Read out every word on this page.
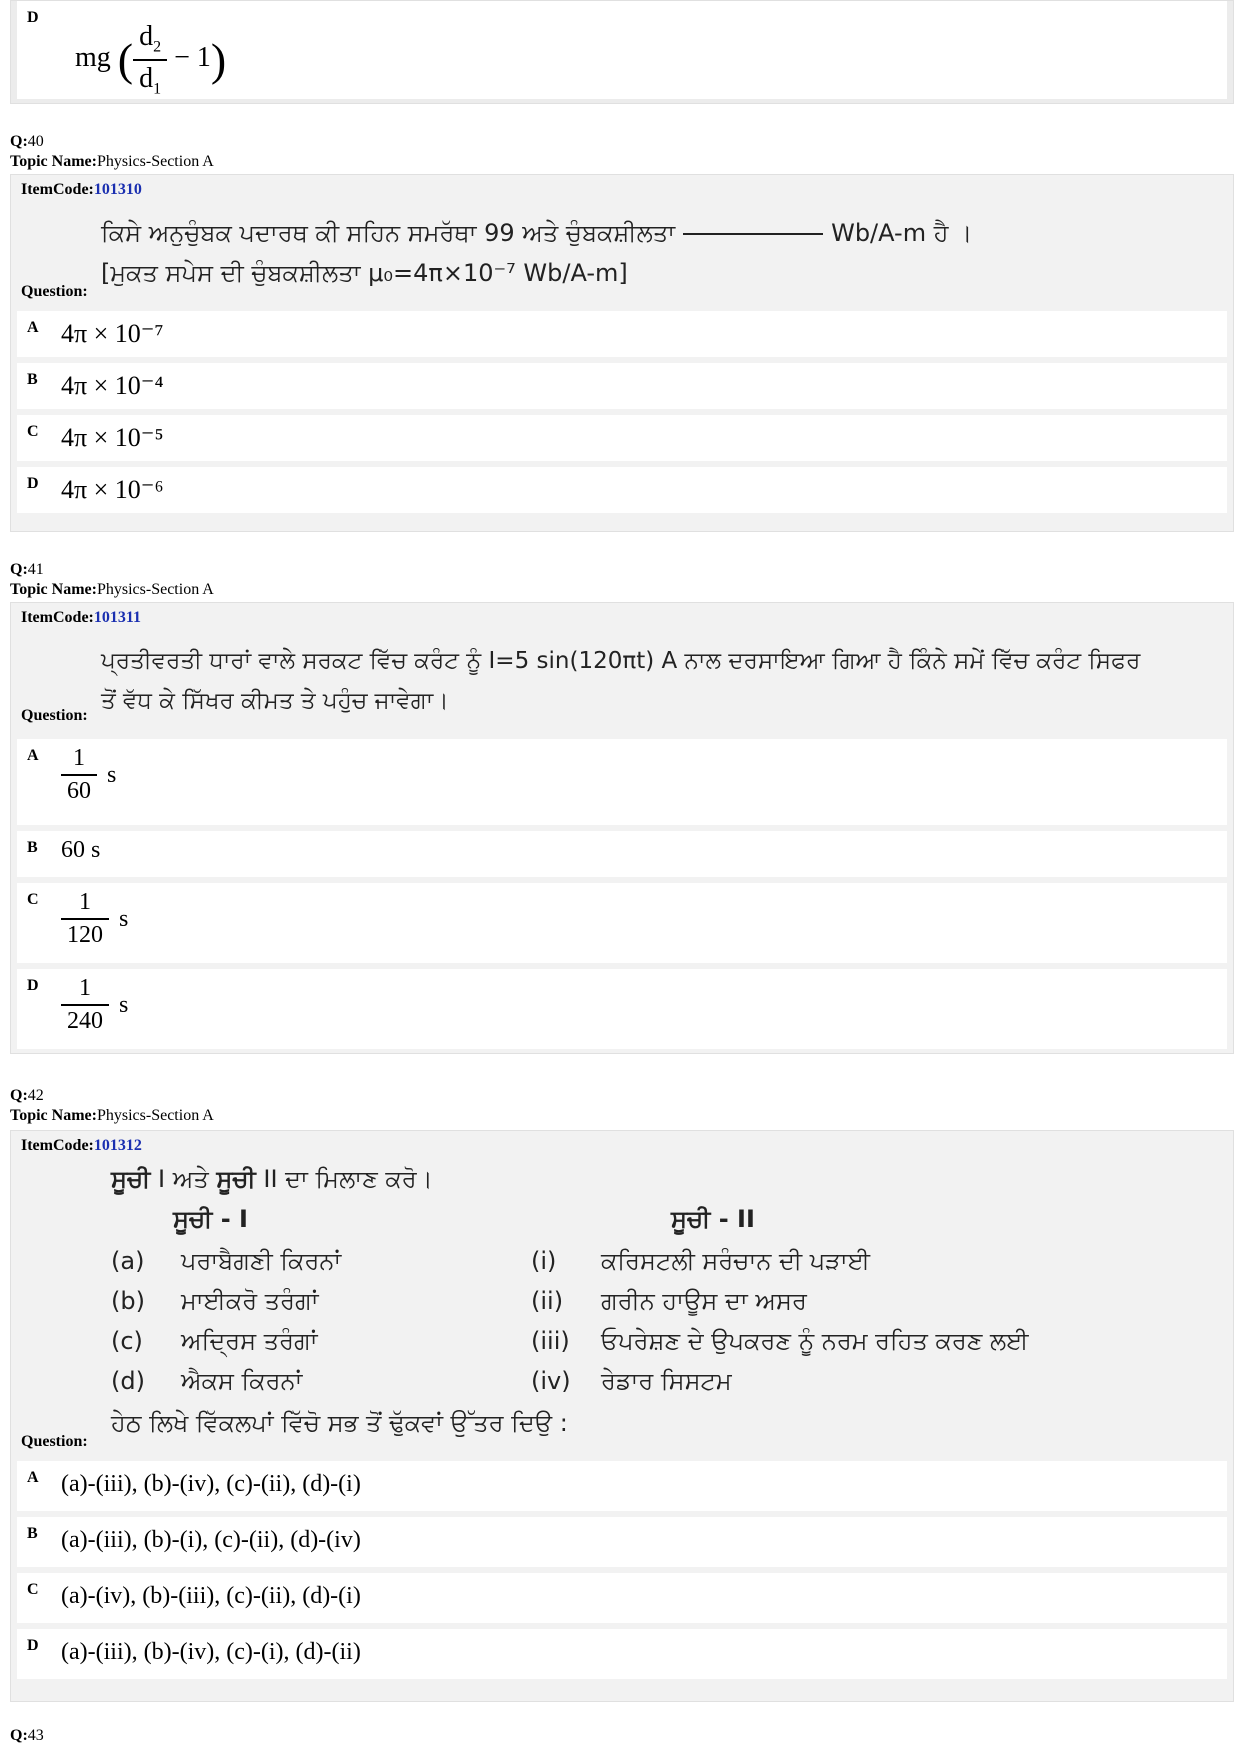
D
mg ( $\frac{d_2}{d_1} - 1$)
Q:40
Topic Name:Physics-Section A
ItemCode:101310
ਕਿਸੇ ਅਨੁਚੁੰਬਕ ਪਦਾਰਥ ਕੀ ਸਹਿਨ ਸਮਰੱਥਾ 99 ਅਤੇ ਚੁੰਬਕਸ਼ੀਲਤਾ	Wb/A-m ਹੈ ।
[ਮੁਕਤ ਸਪੇਸ ਦੀ ਚੁੰਬਕਸ਼ੀਲਤਾ μ₀=4π×10⁻⁷ Wb/A-m]
Question:
A 4π × 10⁻⁷
B 4π × 10⁻⁴
C 4π × 10⁻⁵
D 4π × 10⁻⁶
Q:41
Topic Name:Physics-Section A
ItemCode:101311
ਪ੍ਰਤੀਵਰਤੀ ਧਾਰਾਂ ਵਾਲੇ ਸਰਕਟ ਵਿੱਚ ਕਰੰਟ ਨੂੰ I=5 sin(120πt) A ਨਾਲ ਦਰਸਾਇਆ ਗਿਆ ਹੈ ਕਿੰਨੇ ਸਮੇਂ ਵਿੱਚ ਕਰੰਟ ਸਿਫਰ
ਤੋਂ ਵੱਧ ਕੇ ਸਿੱਖਰ ਕੀਮਤ ਤੇ ਪਹੁੰਚ ਜਾਵੇਗਾ।
Question:
A $\frac{1}{60}$ s
B 60 s
C $\frac{1}{120}$ s
D $\frac{1}{240}$ s
Q:42
Topic Name:Physics-Section A
ItemCode:101312
ਸੂਚੀ I ਅਤੇ ਸੂਚੀ II ਦਾ ਮਿਲਾਣ ਕਰੋ।
ਸੂਚੀ - I	ਸੂਚੀ - II
(a) ਪਰਾਬੈਗਣੀ ਕਿਰਨਾਂ	(i) ਕਰਿਸਟਲੀ ਸਰੰਚਾਨ ਦੀ ਪੜਾਈ
(b) ਮਾਈਕਰੋ ਤਰੰਗਾਂ	(ii) ਗਰੀਨ ਹਾਊਸ ਦਾ ਅਸਰ
(c) ਅਦ੍ਰਿਸ ਤਰੰਗਾਂ	(iii) ਓਪਰੇਸ਼ਣ ਦੇ ਉਪਕਰਣ ਨੂੰ ਨਰਮ ਰਹਿਤ ਕਰਣ ਲਈ
(d) ਐਕਸ ਕਿਰਨਾਂ	(iv) ਰੇਡਾਰ ਸਿਸਟਮ
ਹੇਠ ਲਿਖੇ ਵਿੱਕਲਪਾਂ ਵਿੱਚੋ ਸਭ ਤੋਂ ਢੁੱਕਵਾਂ ਉੱਤਰ ਦਿਉ :
Question:
A (a)-(iii), (b)-(iv), (c)-(ii), (d)-(i)
B (a)-(iii), (b)-(i), (c)-(ii), (d)-(iv)
C (a)-(iv), (b)-(iii), (c)-(ii), (d)-(i)
D (a)-(iii), (b)-(iv), (c)-(i), (d)-(ii)
Q:43
